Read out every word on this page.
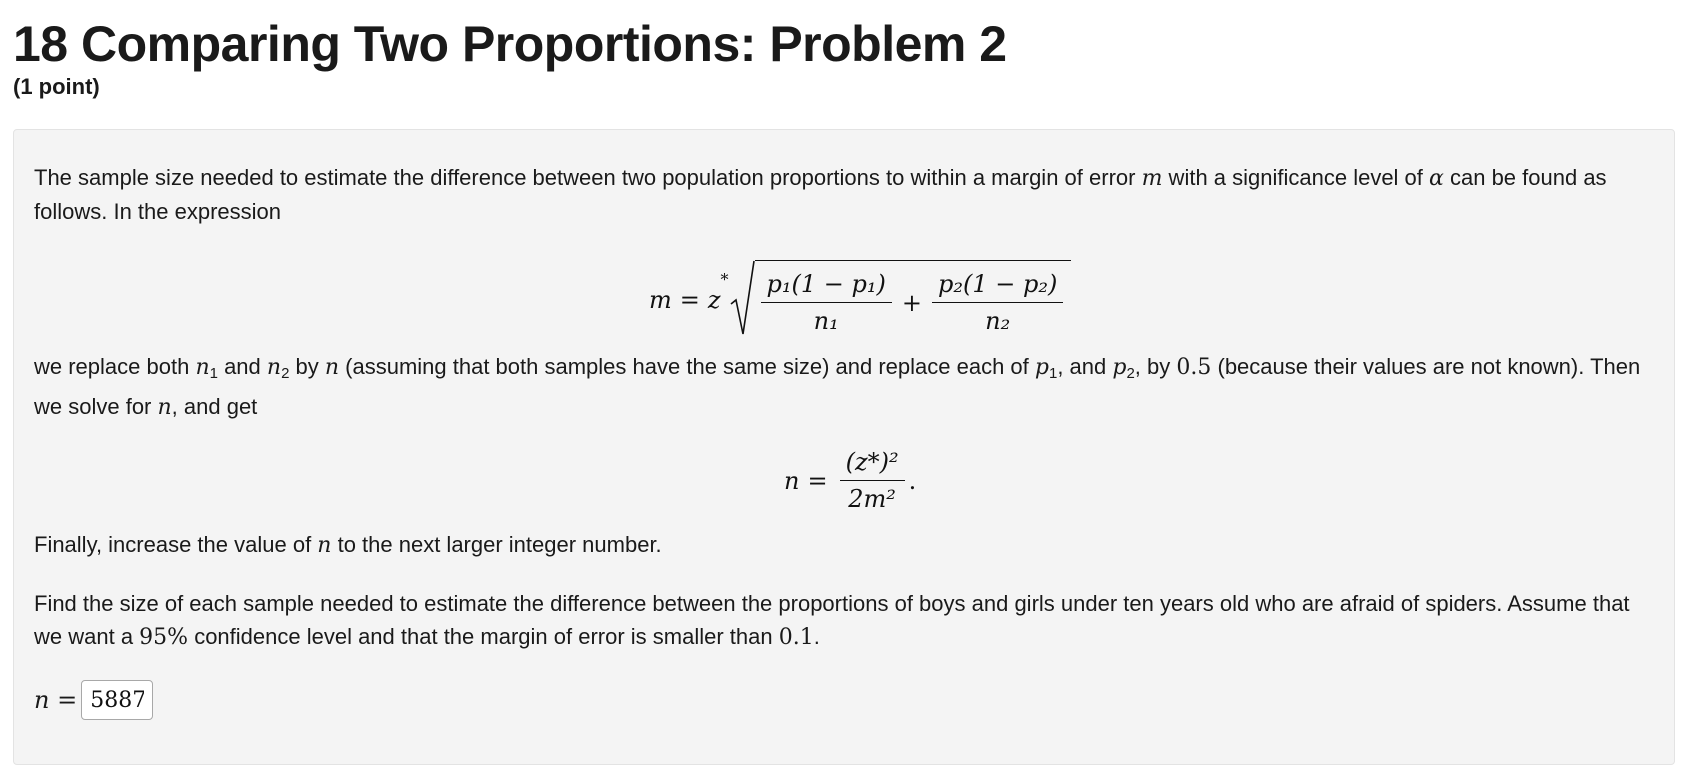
18 Comparing Two Proportions: Problem 2
(1 point)

The sample size needed to estimate the difference between two population proportions to within a margin of error m with a significance level of α can be found as follows. In the expression

m = z
$^* \frac{\text{p₁(1 − p₁)}}{\text{n₁}} + \frac{\text{p₂(1 − p₂)}}{\text{n₂}}$

we replace both $n_1$ and $n_2$ by n (assuming that both samples have the same size) and replace each of $p_1$, and $p_2$, by 0.5 (because their values are not known). Then we solve for n, and get

$n = \frac{\text{(z*)²}}{\text{2m²}}$ .

Finally, increase the value of n to the next larger integer number.

Find the size of each sample needed to estimate the difference between the proportions of boys and girls under ten years old who are afraid of spiders. Assume that we want a 95% confidence level and that the margin of error is smaller than 0.1.

n =
5887
